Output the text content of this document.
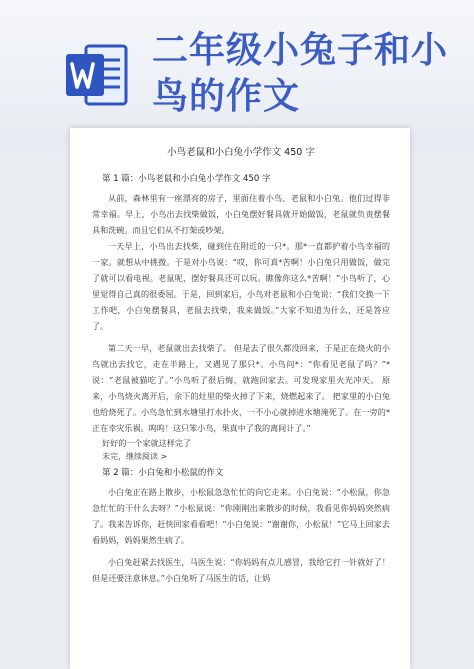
二年级小兔子和小
鸟的作文

小鸟老鼠和小白兔小学作文 450 字

第 1 篇：小鸟老鼠和小白兔小学作文 450 字

从前，森林里有一座漂亮的房子，里面住着小鸟、老鼠和小白兔。他们过得非常幸福。早上，小鸟出去找柴做饭，小白兔摆好餐具就开始做饭，老鼠就负责摆餐具和洗碗。而且它们从不打架或吵架。

一天早上，小鸟出去找柴，碰到住在附近的一只*。那*一直都护着小鸟幸福的一家。就想从中挑拨。于是对小鸟说：“哎，你可真*苦啊！小白兔只用做饭，做完了就可以看电视。老鼠呢，摆好餐具还可以玩。瞧像你这么*苦啊！”小鸟听了，心里觉得自己真的很委屈。于是，回到家后，小鸟对老鼠和小白兔说：“我们交换一下工作吧，小白兔摆餐具，老鼠去找柴，我来做饭。”大家不知道为什么，还是答应了。

第二天一早，老鼠就出去找柴了。 但是去了很久都没回来，于是正在烧火的小鸟就出去找它，走在半路上，又遇见了那只*。小鸟问*：“你看见老鼠了吗？”*说：“老鼠被猫吃了。”小鸟听了很后悔，就跑回家去。可发现家里火光冲天。 原来，小鸟烧火离开后，余下的灶里的柴火掉了下来，烧燃起来了。 把家里的小白兔也给烧死了。小鸟急忙到水塘里打水扑火，一不小心就掉进水塘淹死了。在一旁的*正在幸灾乐祸。呜呜！这只笨小鸟，果真中了我的离间计了。”

好好的一个家就这样完了

未完，继续阅读 >

第 2 篇：小白兔和小松鼠的作文

小白兔正在路上散步，小松鼠急急忙忙的向它走来。小白兔说：“小松鼠，你急急忙忙的干什么去呀？”小松鼠说：“你刚刚出来散步的时候，我看见你妈妈突然病了。我来告诉你，赶快回家看看吧！”小白兔说：“谢谢你，小松鼠！”它马上回家去看妈妈，妈妈果然生病了。

小白兔赶紧去找医生，马医生说：“你妈妈有点儿感冒，我给它打一针就好了！但是还要注意休息。”小白兔听了马医生的话，让妈
